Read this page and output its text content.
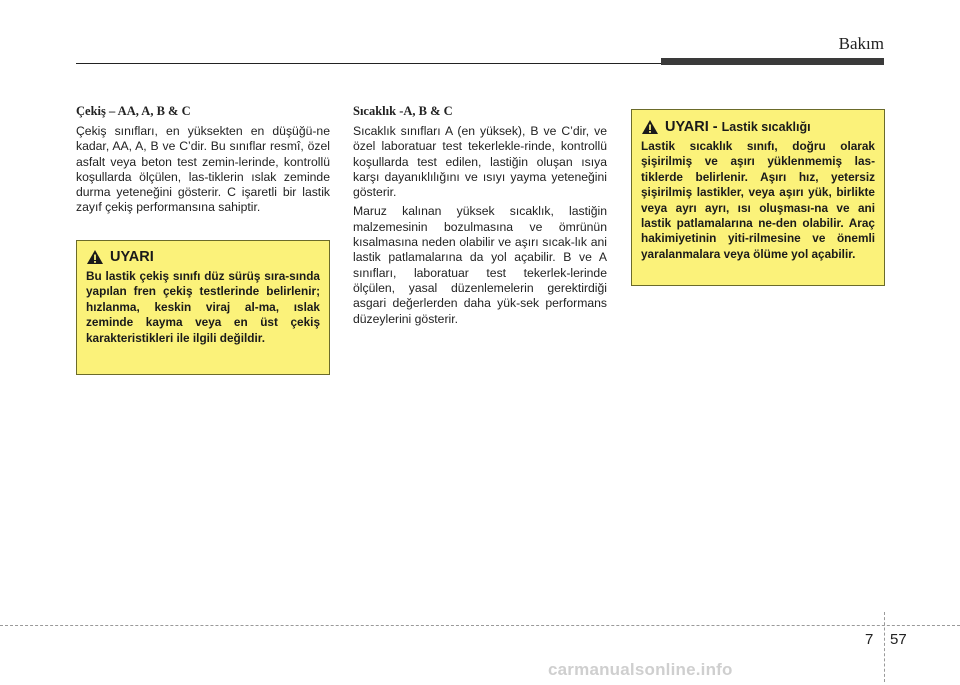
Bakım
Çekiş – AA, A, B & C

Çekiş sınıfları, en yüksekten en düşüğü-ne kadar, AA, A, B ve C’dir. Bu sınıflar resmî, özel asfalt veya beton test zemin-lerinde, kontrollü koşullarda ölçülen, las-tiklerin ıslak zeminde durma yeteneğini gösterir. C işaretli bir lastik zayıf çekiş performansına sahiptir.

UYARI
Bu lastik çekiş sınıfı düz sürüş sıra-sında yapılan fren çekiş testlerinde belirlenir; hızlanma, keskin viraj al-ma, ıslak zeminde kayma veya en üst çekiş karakteristikleri ile ilgili değildir.
Sıcaklık -A, B & C

Sıcaklık sınıfları A (en yüksek), B ve C’dir, ve özel laboratuar test tekerlekle-rinde, kontrollü koşullarda test edilen, lastiğin oluşan ısıya karşı dayanıklılığını ve ısıyı yayma yeteneğini gösterir.

Maruz kalınan yüksek sıcaklık, lastiğin malzemesinin bozulmasına ve ömrünün kısalmasına neden olabilir ve aşırı sıcak-lık ani lastik patlamalarına da yol açabilir. B ve A sınıfları, laboratuar test tekerlek-lerinde ölçülen, yasal düzenlemelerin gerektirdiği asgari değerlerden daha yük-sek performans düzeylerini gösterir.

UYARI - Lastik sıcaklığı
Lastik sıcaklık sınıfı, doğru olarak şişirilmiş ve aşırı yüklenmemiş las-tiklerde belirlenir. Aşırı hız, yetersiz şişirilmiş lastikler, veya aşırı yük, birlikte veya ayrı ayrı, ısı oluşması-na ve ani lastik patlamalarına ne-den olabilir. Araç hakimiyetinin yiti-rilmesine ve önemli yaralanmalara veya ölüme yol açabilir.
7 57
carmanualsonline.info
